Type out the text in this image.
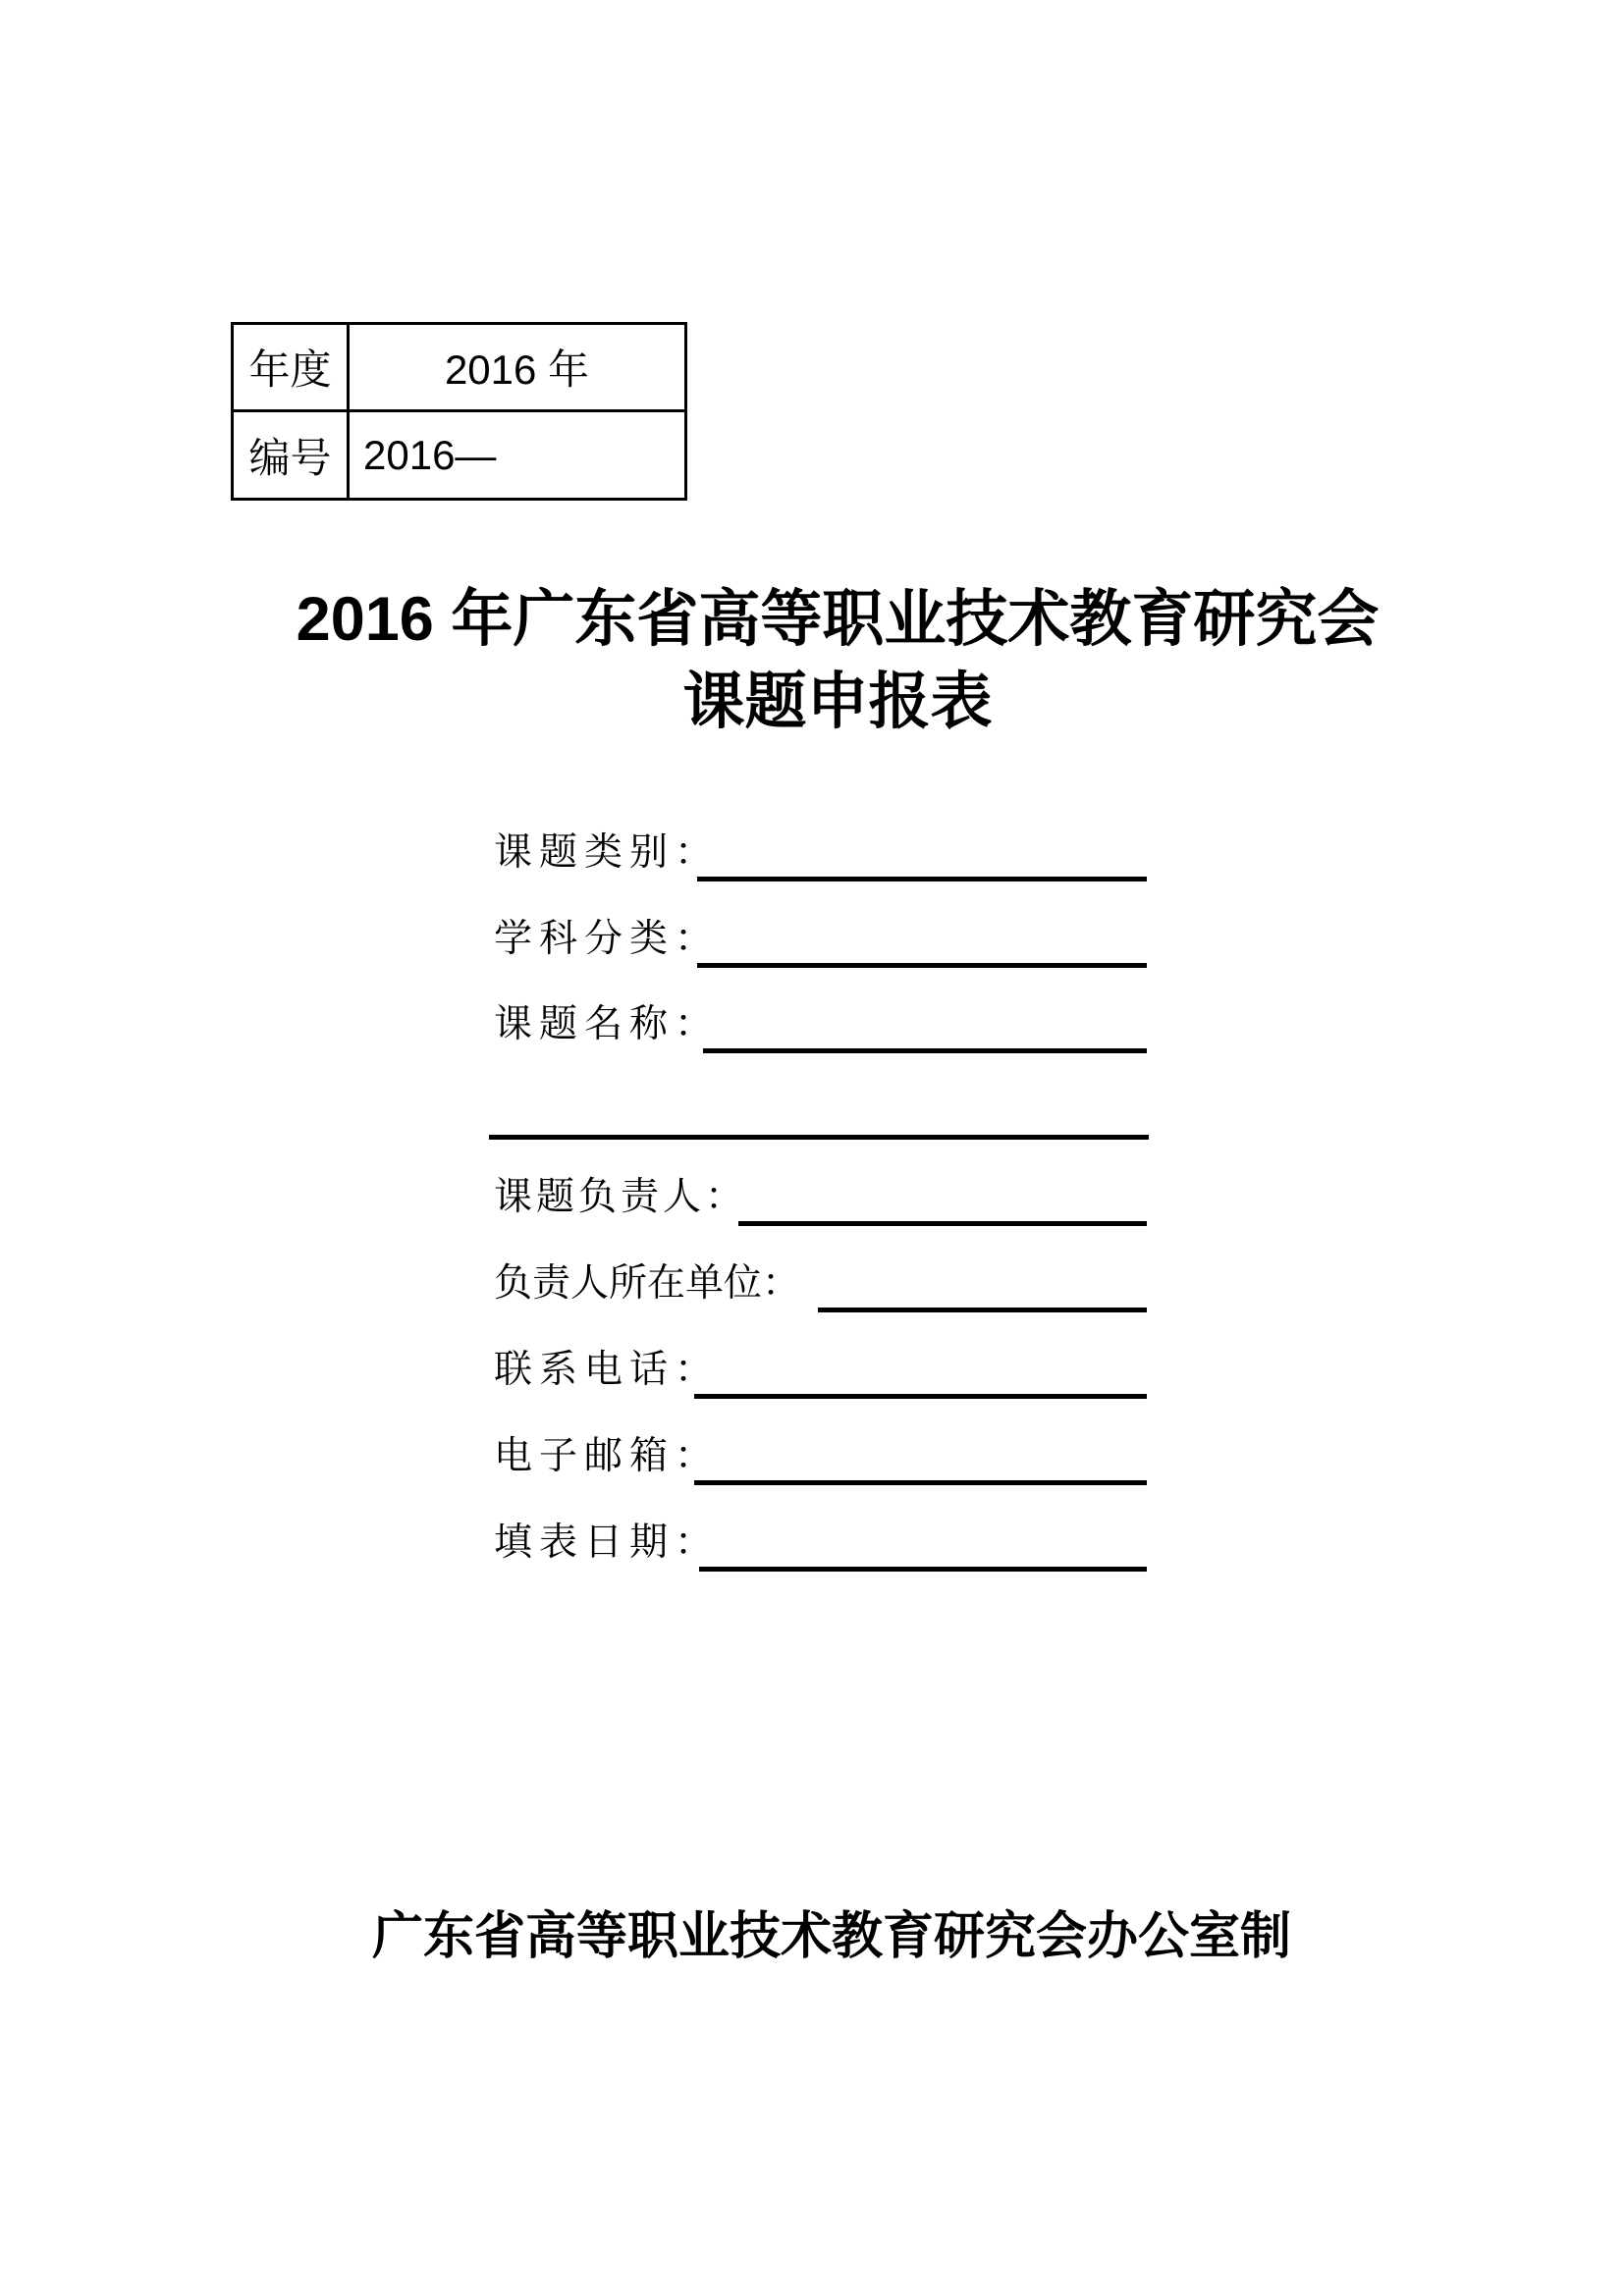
年度	2016 年
编号	2016—
2016 年广东省高等职业技术教育研究会
课题申报表
课题类别：
学科分类：
课题名称：
课题负责人：
负责人所在单位：
联系电话：
电子邮箱：
填表日期：
广东省高等职业技术教育研究会办公室制
